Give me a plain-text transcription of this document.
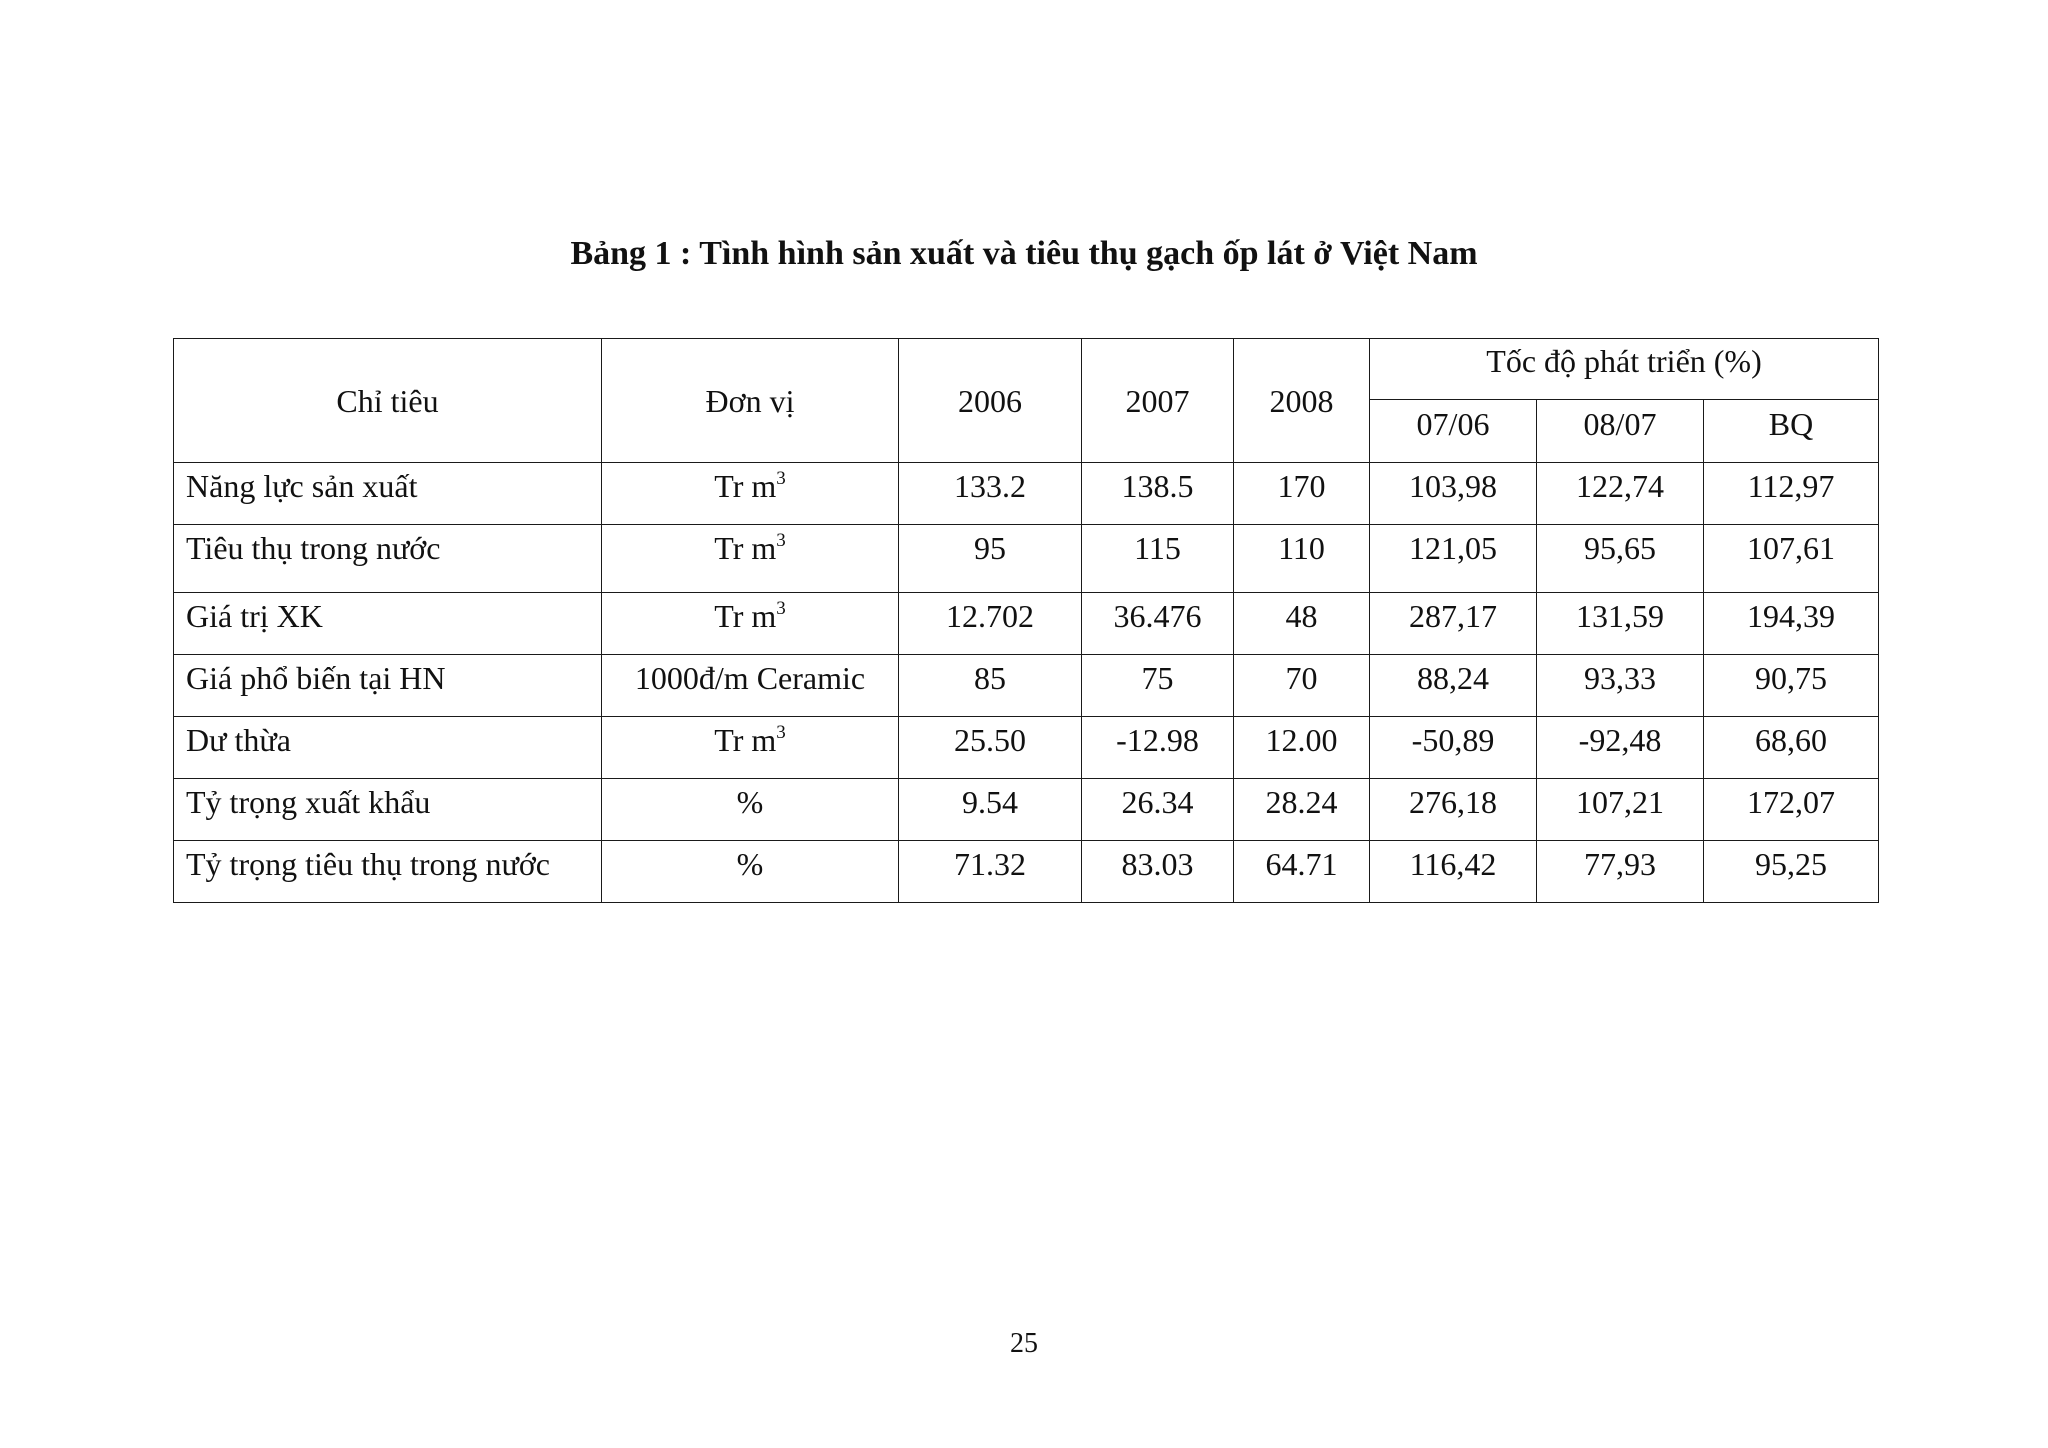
Bảng 1 : Tình hình sản xuất và tiêu thụ gạch ốp lát ở Việt Nam
Chỉ tiêu	Đơn vị	2006	2007	2008	Tốc độ phát triển (%)		
					07/06	08/07	BQ
Năng lực sản xuất	Tr $m^3$	133.2	138.5	170	103,98	122,74	112,97
Tiêu thụ trong nước	Tr $m^3$	95	115	110	121,05	95,65	107,61
Giá trị XK	Tr $m^3$	12.702	36.476	48	287,17	131,59	194,39
Giá phổ biến tại HN	1000đ/m Ceramic	85	75	70	88,24	93,33	90,75
Dư thừa	Tr $m^3$	25.50	-12.98	12.00	-50,89	-92,48	68,60
Tỷ trọng xuất khẩu	%	9.54	26.34	28.24	276,18	107,21	172,07
Tỷ trọng tiêu thụ trong nước	%	71.32	83.03	64.71	116,42	77,93	95,25
25
